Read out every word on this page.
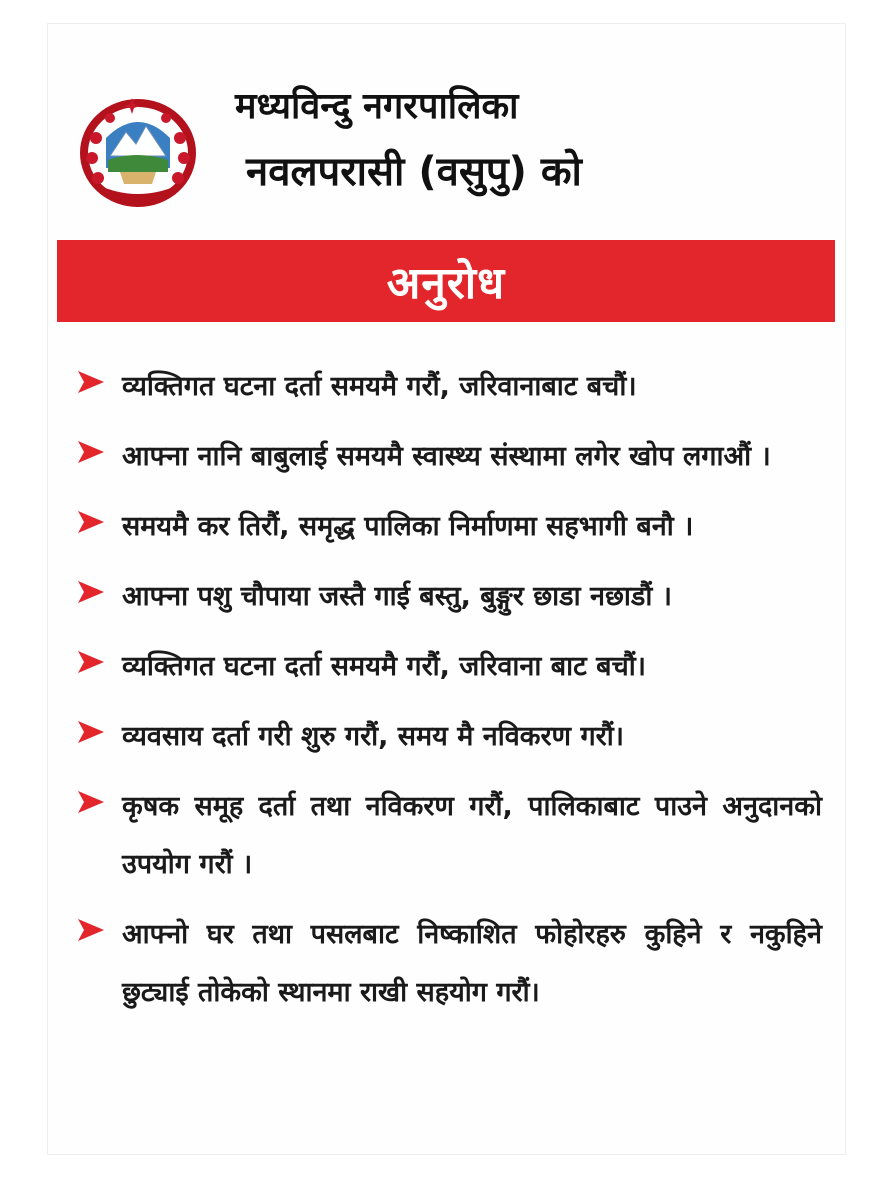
मध्यविन्दु नगरपालिका
नवलपरासी (वसुपु) को
अनुरोध
व्यक्तिगत घटना दर्ता समयमै गरौं, जरिवानाबाट बचौं।
आफ्ना नानि बाबुलाई समयमै स्वास्थ्य संस्थामा लगेर खोप लगाऔं ।
समयमै कर तिरौं, समृद्ध पालिका निर्माणमा सहभागी बनौ ।
आफ्ना पशु चौपाया जस्तै गाई बस्तु, बुङ्गुर छाडा नछाडौं ।
व्यक्तिगत घटना दर्ता समयमै गरौं, जरिवाना बाट बचौं।
व्यवसाय दर्ता गरी शुरु गरौं, समय मै नविकरण गरौं।
कृषक समूह दर्ता तथा नविकरण गरौं, पालिकाबाट पाउने अनुदानको उपयोग गरौं ।
आफ्नो घर तथा पसलबाट निष्काशित फोहोरहरु कुहिने र नकुहिने छुट्याई तोकेको स्थानमा राखी सहयोग गरौं।
